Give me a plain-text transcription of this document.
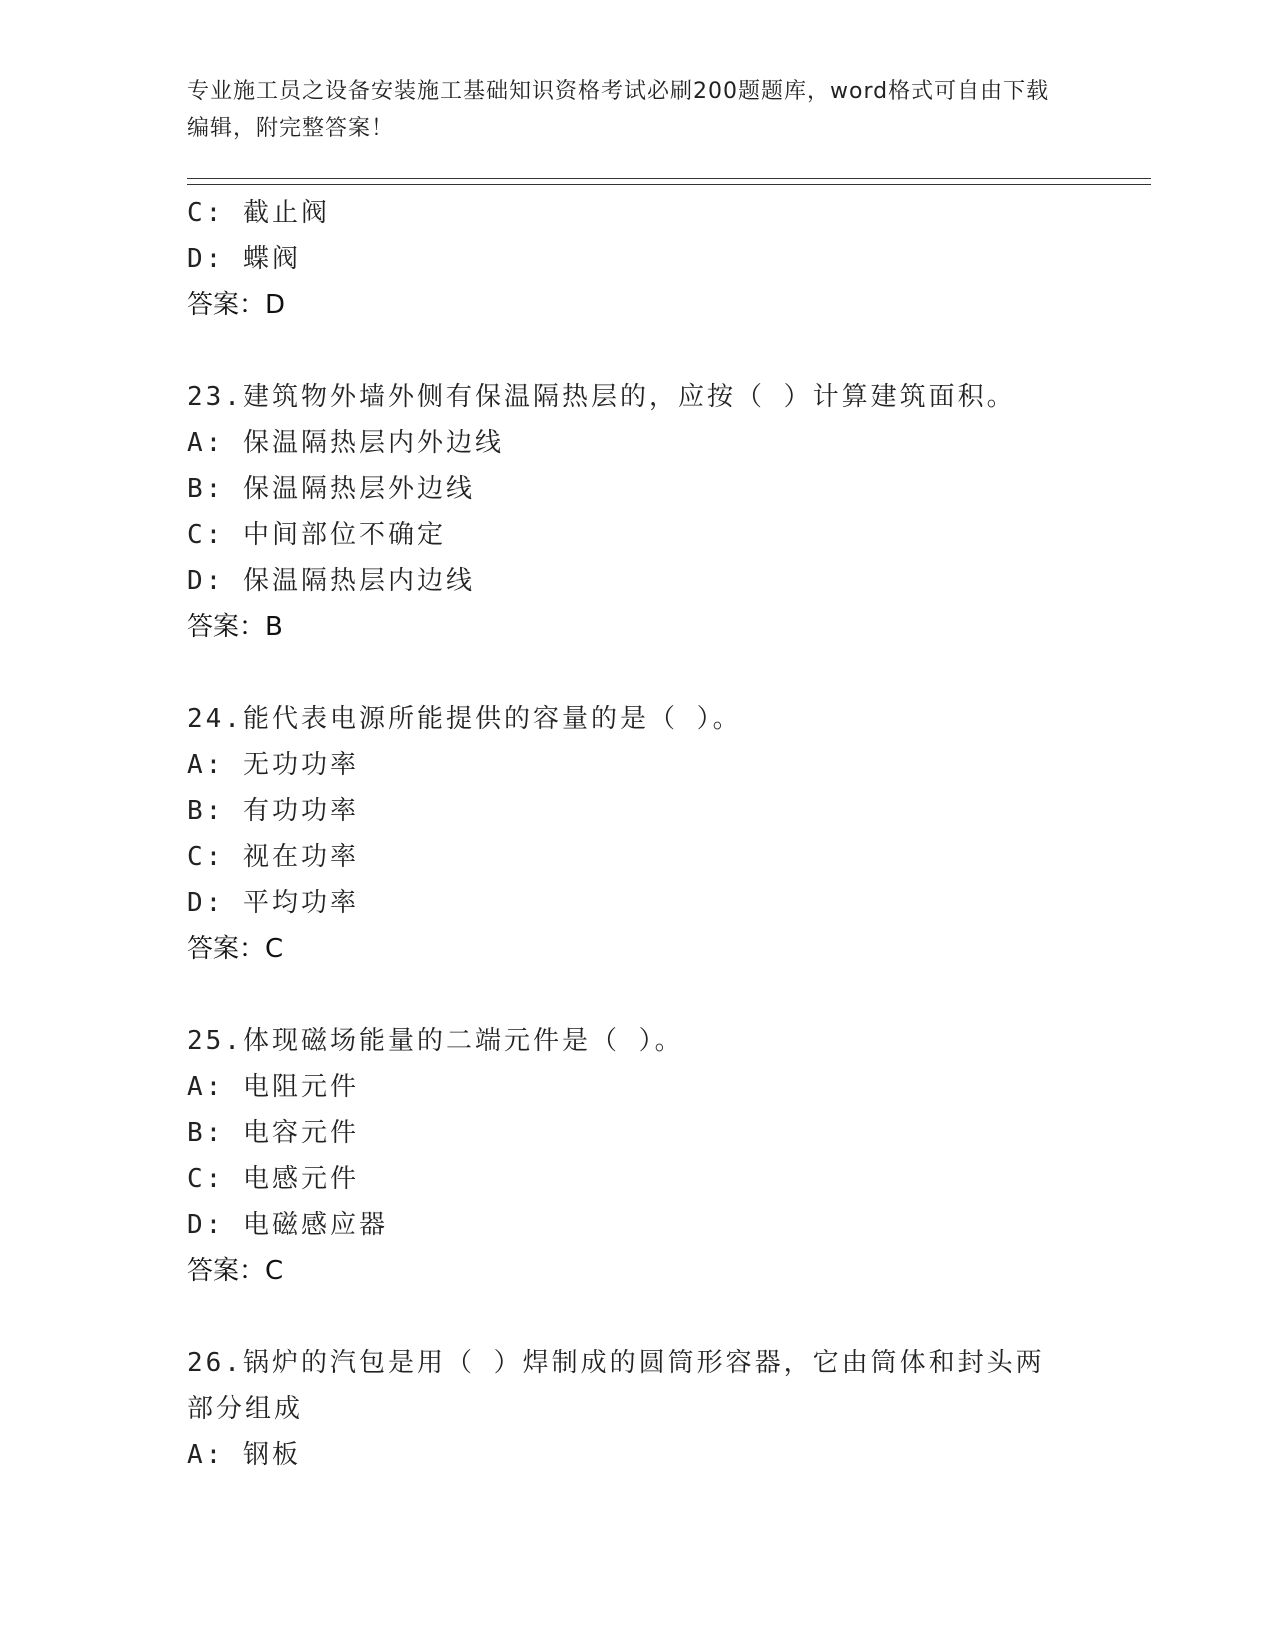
专业施工员之设备安装施工基础知识资格考试必刷200题题库，word格式可自由下载编辑，附完整答案！
C: 截止阀
D: 蝶阀
答案：D
23.建筑物外墙外侧有保温隔热层的，应按（ ）计算建筑面积。
A: 保温隔热层内外边线
B: 保温隔热层外边线
C: 中间部位不确定
D: 保温隔热层内边线
答案：B
24.能代表电源所能提供的容量的是（ ）。
A: 无功功率
B: 有功功率
C: 视在功率
D: 平均功率
答案：C
25.体现磁场能量的二端元件是（ ）。
A: 电阻元件
B: 电容元件
C: 电感元件
D: 电磁感应器
答案：C
26.锅炉的汽包是用（ ）焊制成的圆筒形容器，它由筒体和封头两部分组成
A: 钢板
